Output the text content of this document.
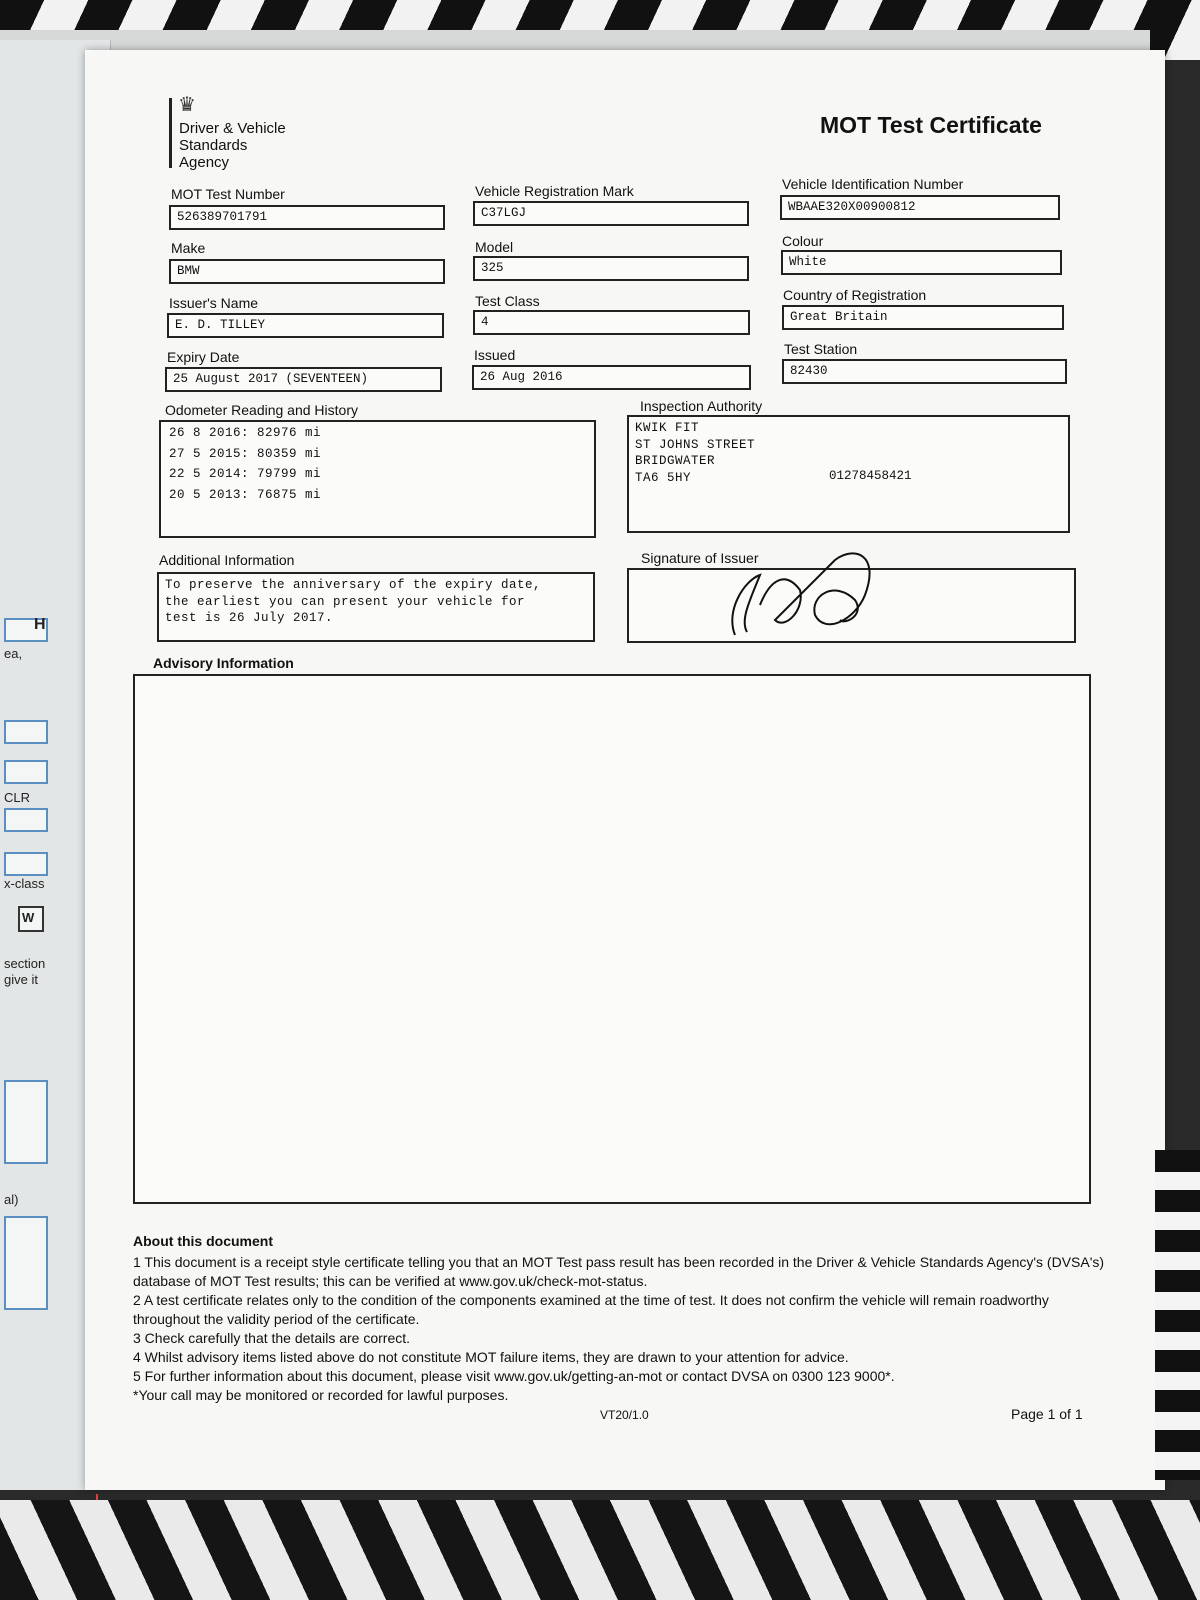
H
ea,
CLR
x-class
W
section
give it
al)
♛
Driver & Vehicle
Standards
Agency
MOT Test Certificate
MOT Test Number
526389701791
Vehicle Registration Mark
C37LGJ
Vehicle Identification Number
WBAAE320X00900812
Make
BMW
Model
325
Colour
White
Issuer's Name
E. D. TILLEY
Test Class
4
Country of Registration
Great Britain
Expiry Date
25 August 2017 (SEVENTEEN)
Issued
26 Aug 2016
Test Station
82430
Odometer Reading and History
26 8 2016: 82976 mi
27 5 2015: 80359 mi
22 5 2014: 79799 mi
20 5 2013: 76875 mi
Inspection Authority
KWIK FIT
ST JOHNS STREET
BRIDGWATER
TA6 5HY	01278458421
Additional Information
To preserve the anniversary of the expiry date,
the earliest you can present your vehicle for
test is 26 July 2017.
Signature of Issuer
Advisory Information

About this document

1 This document is a receipt style certificate telling you that an MOT Test pass result has been recorded in the Driver & Vehicle Standards Agency's (DVSA's) database of MOT Test results; this can be verified at www.gov.uk/check-mot-status.

2 A test certificate relates only to the condition of the components examined at the time of test. It does not confirm the vehicle will remain roadworthy throughout the validity period of the certificate.

3 Check carefully that the details are correct.

4 Whilst advisory items listed above do not constitute MOT failure items, they are drawn to your attention for advice.

5 For further information about this document, please visit www.gov.uk/getting-an-mot or contact DVSA on 0300 123 9000*.

*Your call may be monitored or recorded for lawful purposes.

VT20/1.0	Page 1 of 1
